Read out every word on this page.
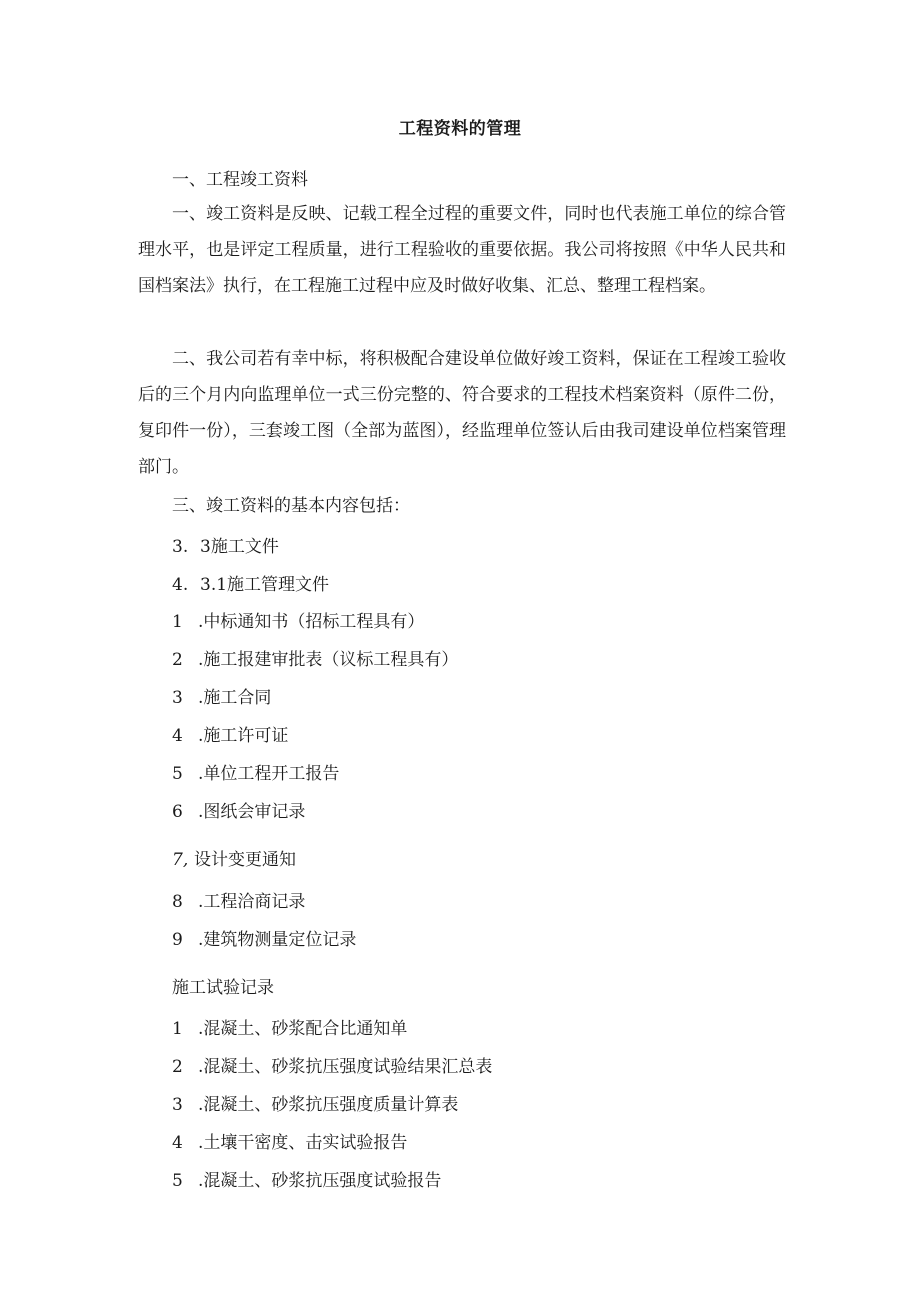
工程资料的管理

一、工程竣工资料

一、竣工资料是反映、记载工程全过程的重要文件，同时也代表施工单位的综合管理水平，也是评定工程质量，进行工程验收的重要依据。我公司将按照《中华人民共和国档案法》执行，在工程施工过程中应及时做好收集、汇总、整理工程档案。

二、我公司若有幸中标，将积极配合建设单位做好竣工资料，保证在工程竣工验收后的三个月内向监理单位一式三份完整的、符合要求的工程技术档案资料（原件二份，复印件一份），三套竣工图（全部为蓝图），经监理单位签认后由我司建设单位档案管理部门。

三、竣工资料的基本内容包括：

3. 3施工文件

4. 3.1施工管理文件

1 .中标通知书（招标工程具有）

2 .施工报建审批表（议标工程具有）

3 .施工合同

4 .施工许可证

5 .单位工程开工报告

6 .图纸会审记录

7, 设计变更通知

8 .工程洽商记录

9 .建筑物测量定位记录

施工试验记录

1 .混凝土、砂浆配合比通知单

2 .混凝土、砂浆抗压强度试验结果汇总表

3 .混凝土、砂浆抗压强度质量计算表

4 .土壤干密度、击实试验报告

5 .混凝土、砂浆抗压强度试验报告
